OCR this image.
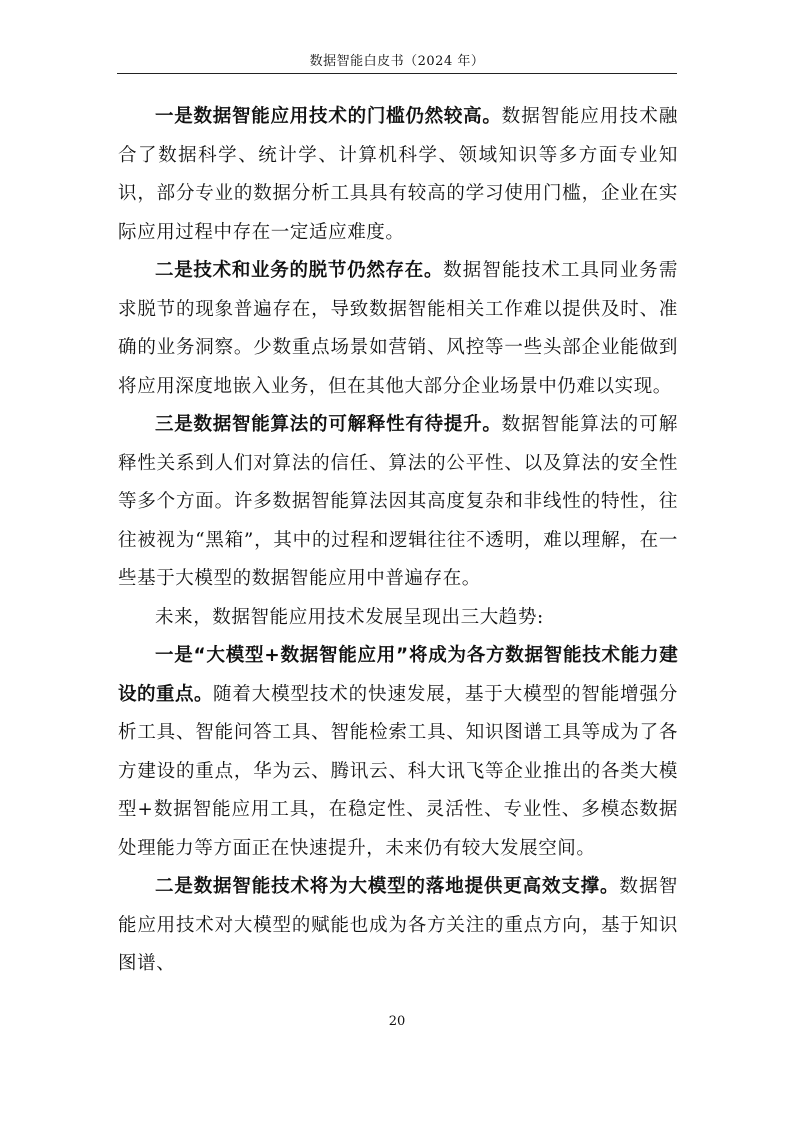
数据智能白皮书（2024 年）

一是数据智能应用技术的门槛仍然较高。数据智能应用技术融合了数据科学、统计学、计算机科学、领域知识等多方面专业知识，部分专业的数据分析工具具有较高的学习使用门槛，企业在实际应用过程中存在一定适应难度。

二是技术和业务的脱节仍然存在。数据智能技术工具同业务需求脱节的现象普遍存在，导致数据智能相关工作难以提供及时、准确的业务洞察。少数重点场景如营销、风控等一些头部企业能做到将应用深度地嵌入业务，但在其他大部分企业场景中仍难以实现。

三是数据智能算法的可解释性有待提升。数据智能算法的可解释性关系到人们对算法的信任、算法的公平性、以及算法的安全性等多个方面。许多数据智能算法因其高度复杂和非线性的特性，往往被视为“黑箱”，其中的过程和逻辑往往不透明，难以理解，在一些基于大模型的数据智能应用中普遍存在。

未来，数据智能应用技术发展呈现出三大趋势:

一是“大模型+数据智能应用”将成为各方数据智能技术能力建设的重点。随着大模型技术的快速发展，基于大模型的智能增强分析工具、智能问答工具、智能检索工具、知识图谱工具等成为了各方建设的重点，华为云、腾讯云、科大讯飞等企业推出的各类大模型+数据智能应用工具，在稳定性、灵活性、专业性、多模态数据处理能力等方面正在快速提升，未来仍有较大发展空间。

二是数据智能技术将为大模型的落地提供更高效支撑。数据智能应用技术对大模型的赋能也成为各方关注的重点方向，基于知识图谱、

20
